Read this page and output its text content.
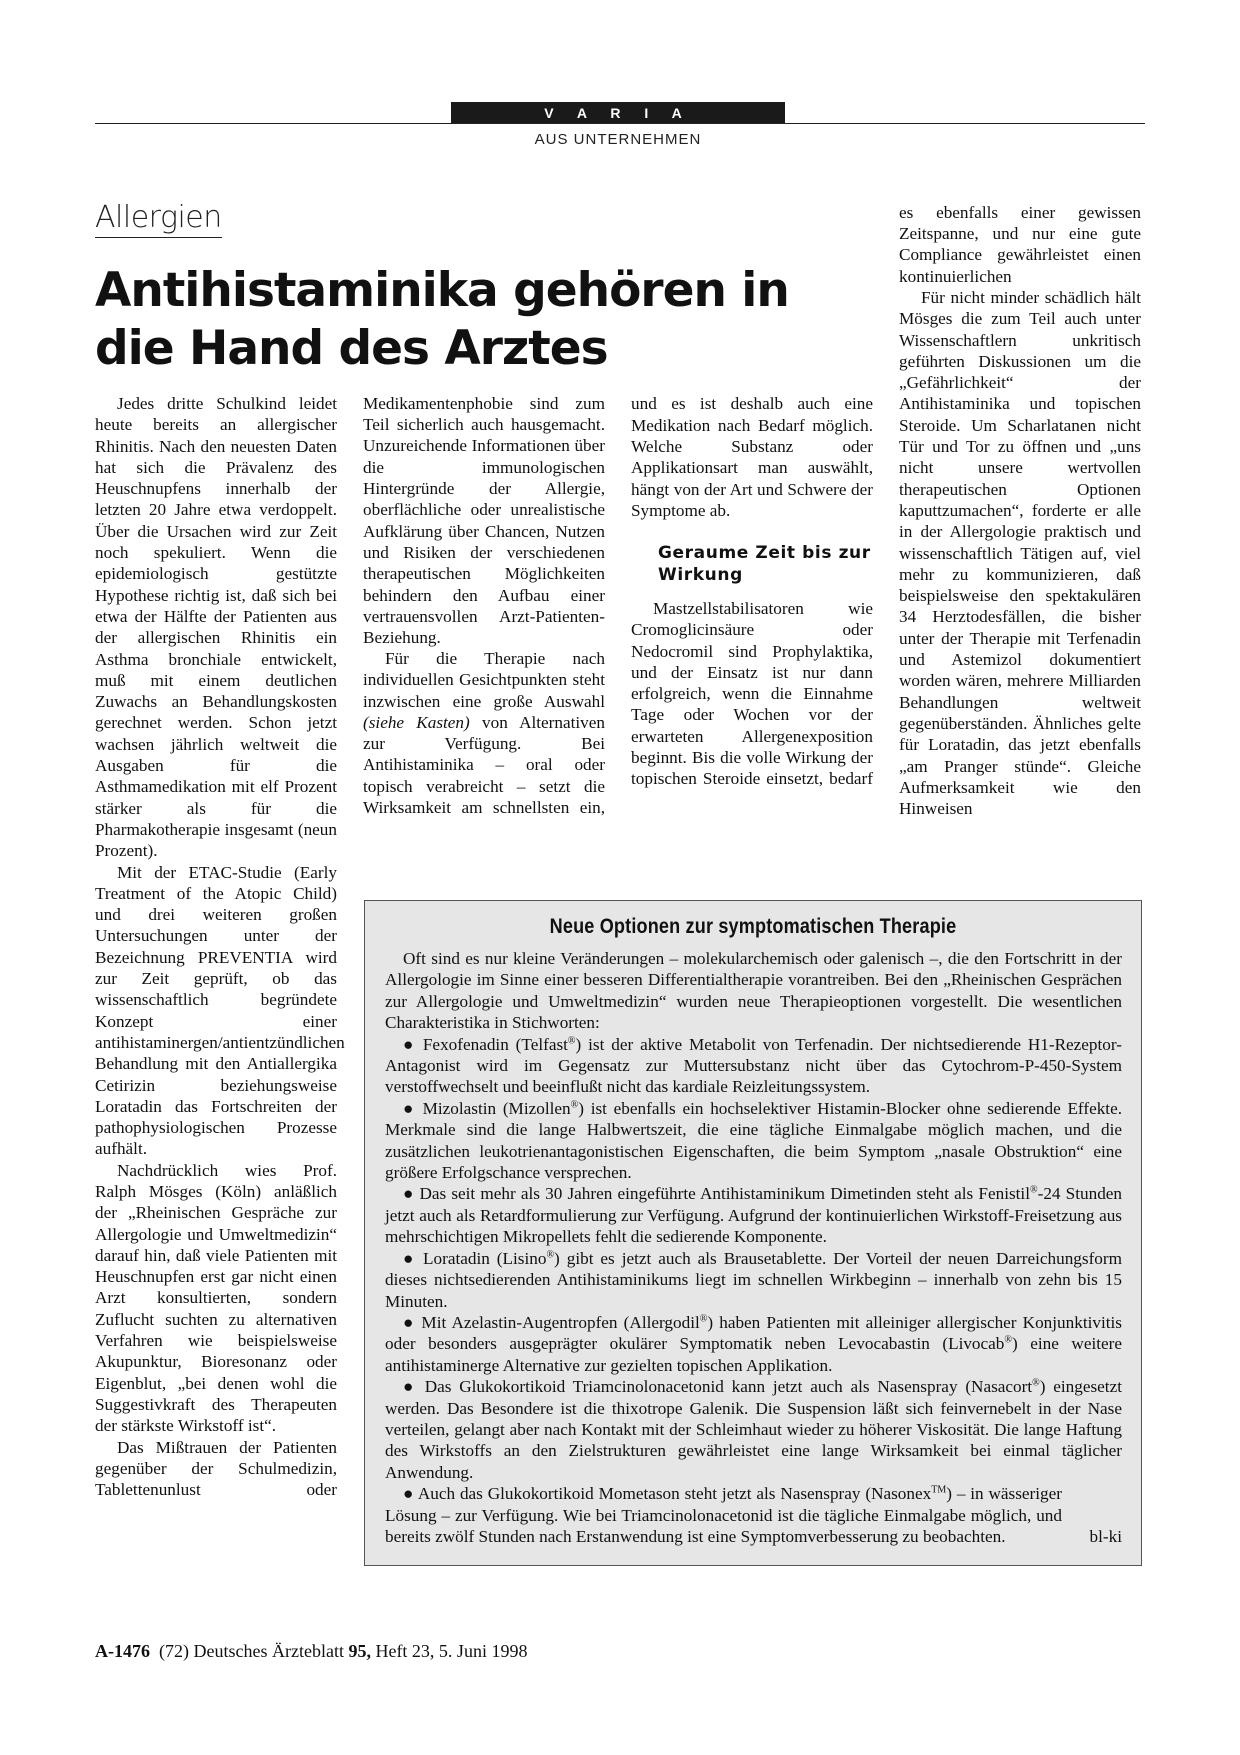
V A R I A
AUS UNTERNEHMEN
Allergien
Antihistaminika gehören in die Hand des Arztes

Jedes dritte Schulkind leidet heute bereits an allergischer Rhinitis. Nach den neuesten Daten hat sich die Prävalenz des Heuschnupfens innerhalb der letzten 20 Jahre etwa verdoppelt. Über die Ursachen wird zur Zeit noch spekuliert. Wenn die epidemiologisch gestützte Hypothese richtig ist, daß sich bei etwa der Hälfte der Patienten aus der allergischen Rhinitis ein Asthma bronchiale entwickelt, muß mit einem deutlichen Zuwachs an Behandlungskosten gerechnet werden. Schon jetzt wachsen jährlich weltweit die Ausgaben für die Asthmamedikation mit elf Prozent stärker als für die Pharmakotherapie insgesamt (neun Prozent).

Mit der ETAC-Studie (Early Treatment of the Atopic Child) und drei weiteren großen Untersuchungen unter der Bezeichnung PREVENTIA wird zur Zeit geprüft, ob das wissenschaftlich begründete Konzept einer antihistaminergen/antientzündlichen Behandlung mit den Antiallergika Cetirizin beziehungsweise Loratadin das Fortschreiten der pathophysiologischen Prozesse aufhält.

Nachdrücklich wies Prof. Ralph Mösges (Köln) anläßlich der „Rheinischen Gespräche zur Allergologie und Umweltmedizin“ darauf hin, daß viele Patienten mit Heuschnupfen erst gar nicht einen Arzt konsultierten, sondern Zuflucht suchten zu alternativen Verfahren wie beispielsweise Akupunktur, Bioresonanz oder Eigenblut, „bei denen wohl die Suggestivkraft des Therapeuten der stärkste Wirkstoff ist“.

Das Mißtrauen der Patienten gegenüber der Schulmedizin, Tablettenunlust oder

Medikamentenphobie sind zum Teil sicherlich auch hausgemacht. Unzureichende Informationen über die immunologischen Hintergründe der Allergie, oberflächliche oder unrealistische Aufklärung über Chancen, Nutzen und Risiken der verschiedenen therapeutischen Möglichkeiten behindern den Aufbau einer vertrauensvollen Arzt-Patienten-Beziehung.

Für die Therapie nach individuellen Gesichtpunkten steht inzwischen eine große Auswahl (siehe Kasten) von Alternativen zur Verfügung. Bei Antihistaminika – oral oder topisch verabreicht – setzt die Wirksamkeit am schnellsten ein,

und es ist deshalb auch eine Medikation nach Bedarf möglich. Welche Substanz oder Applikationsart man auswählt, hängt von der Art und Schwere der Symptome ab.

Geraume Zeit bis zur Wirkung

Mastzellstabilisatoren wie Cromoglicinsäure oder Nedocromil sind Prophylaktika, und der Einsatz ist nur dann erfolgreich, wenn die Einnahme Tage oder Wochen vor der erwarteten Allergenexposition beginnt. Bis die volle Wirkung der topischen Steroide einsetzt, bedarf

es ebenfalls einer gewissen Zeitspanne, und nur eine gute Compliance gewährleistet einen kontinuierlichen

Für nicht minder schädlich hält Mösges die zum Teil auch unter Wissenschaftlern unkritisch geführten Diskussionen um die „Gefährlichkeit“ der Antihistaminika und topischen Steroide. Um Scharlatanen nicht Tür und Tor zu öffnen und „uns nicht unsere wertvollen therapeutischen Optionen kaputtzumachen“, forderte er alle in der Allergologie praktisch und wissenschaftlich Tätigen auf, viel mehr zu kommunizieren, daß beispielsweise den spektakulären 34 Herztodesfällen, die bisher unter der Therapie mit Terfenadin und Astemizol dokumentiert worden wären, mehrere Milliarden Behandlungen weltweit gegenüberständen. Ähnliches gelte für Loratadin, das jetzt ebenfalls „am Pranger stünde“. Gleiche Aufmerksamkeit wie den Hinweisen

Neue Optionen zur symptomatischen Therapie

Oft sind es nur kleine Veränderungen – molekularchemisch oder galenisch –, die den Fortschritt in der Allergologie im Sinne einer besseren Differentialtherapie vorantreiben. Bei den „Rheinischen Gesprächen zur Allergologie und Umweltmedizin“ wurden neue Therapieoptionen vorgestellt. Die wesentlichen Charakteristika in Stichworten:

● Fexofenadin (Telfast®) ist der aktive Metabolit von Terfenadin. Der nichtsedierende H1-Rezeptor-Antagonist wird im Gegensatz zur Muttersubstanz nicht über das Cytochrom-P-450-System verstoffwechselt und beeinflußt nicht das kardiale Reizleitungssystem.

● Mizolastin (Mizollen®) ist ebenfalls ein hochselektiver Histamin-Blocker ohne sedierende Effekte. Merkmale sind die lange Halbwertszeit, die eine tägliche Einmalgabe möglich machen, und die zusätzlichen leukotrienantagonistischen Eigenschaften, die beim Symptom „nasale Obstruktion“ eine größere Erfolgschance versprechen.

● Das seit mehr als 30 Jahren eingeführte Antihistaminikum Dimetinden steht als Fenistil®-24 Stunden jetzt auch als Retardformulierung zur Verfügung. Aufgrund der kontinuierlichen Wirkstoff-Freisetzung aus mehrschichtigen Mikropellets fehlt die sedierende Komponente.

● Loratadin (Lisino®) gibt es jetzt auch als Brausetablette. Der Vorteil der neuen Darreichungsform dieses nichtsedierenden Antihistaminikums liegt im schnellen Wirkbeginn – innerhalb von zehn bis 15 Minuten.

● Mit Azelastin-Augentropfen (Allergodil®) haben Patienten mit alleiniger allergischer Konjunktivitis oder besonders ausgeprägter okulärer Symptomatik neben Levocabastin (Livocab®) eine weitere antihistaminerge Alternative zur gezielten topischen Applikation.

● Das Glukokortikoid Triamcinolonacetonid kann jetzt auch als Nasenspray (Nasacort®) eingesetzt werden. Das Besondere ist die thixotrope Galenik. Die Suspension läßt sich feinvernebelt in der Nase verteilen, gelangt aber nach Kontakt mit der Schleimhaut wieder zu höherer Viskosität. Die lange Haftung des Wirkstoffs an den Zielstrukturen gewährleistet eine lange Wirksamkeit bei einmal täglicher Anwendung.

● Auch das Glukokortikoid Mometason steht jetzt als Nasenspray (Nasonex™) – in wässeriger Lösung – zur Verfügung. Wie bei Triamcinolonacetonid ist die tägliche Einmalgabe möglich, und bereits zwölf Stunden nach Erstanwendung ist eine Symptomverbesserung zu beobachten.	bl-ki

A-1476 (72) Deutsches Ärzteblatt 95, Heft 23, 5. Juni 1998
